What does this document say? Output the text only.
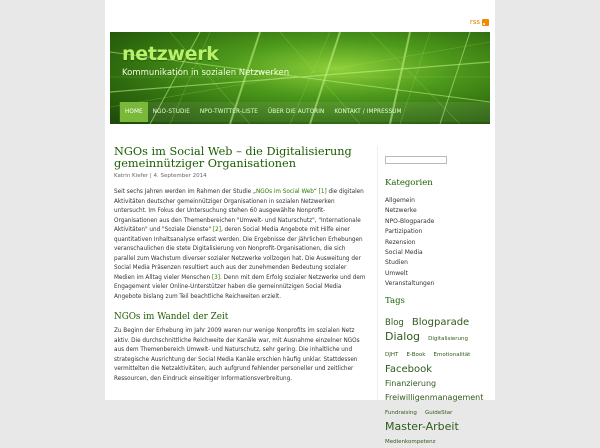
rss
netzwerk
Kommunikation in sozialen Netzwerken
HOME	NGO-STUDIE	NPO-TWITTER-LISTE	ÜBER DIE AUTORIN	KONTAKT / IMPRESSUM
NGOs im Social Web – die Digitalisierung gemeinnütziger Organisationen
Katrin Kiefer | 4. September 2014
Seit sechs Jahren werden im Rahmen der Studie „NGOs im Social Web“ [1] die digitalen Aktivitäten deutscher gemeinnütziger Organisationen in sozialen Netzwerken untersucht. Im Fokus der Untersuchung stehen 60 ausgewählte Nonprofit-Organisationen aus den Themenbereichen "Umwelt- und Naturschutz", "Internationale Aktivitäten" und "Soziale Dienste" [2], deren Social Media Angebote mit Hilfe einer quantitativen Inhaltsanalyse erfasst werden. Die Ergebnisse der jährlichen Erhebungen veranschaulichen die stete Digitalisierung von Nonprofit-Organisationen, die sich parallel zum Wachstum diverser sozialer Netzwerke vollzogen hat. Die Ausweitung der Social Media Präsenzen resultiert auch aus der zunehmenden Bedeutung sozialer Medien im Alltag vieler Menschen [3]. Denn mit dem Erfolg sozialer Netzwerke und dem Engagement vieler Online-Unterstützer haben die gemeinnützigen Social Media Angebote bislang zum Teil beachtliche Reichweiten erzielt.
NGOs im Wandel der Zeit
Zu Beginn der Erhebung im Jahr 2009 waren nur wenige Nonprofits im sozialen Netz aktiv. Die durchschnittliche Reichweite der Kanäle war, mit Ausnahme einzelner NGOs aus dem Themenbereich Umwelt- und Naturschutz, sehr gering. Die inhaltliche und strategische Ausrichtung der Social Media Kanäle erschien häufig unklar. Stattdessen vermittelten die Netzaktivitäten, auch aufgrund fehlender personeller und zeitlicher Ressourcen, den Eindruck einseitiger Informationsverbreitung.
Kategorien
Allgemein
Netzwerke
NPO-Blogparade
Partizipation
Rezension
Social Media
Studien
Umwelt
Veranstaltungen
Tags
Blog Blogparade Dialog Digitalisierung DJHT E-Book Emotionalität Facebook Finanzierung Freiwilligenmanagement Fundraising GuideStar Master-Arbeit Medienkompetenz
